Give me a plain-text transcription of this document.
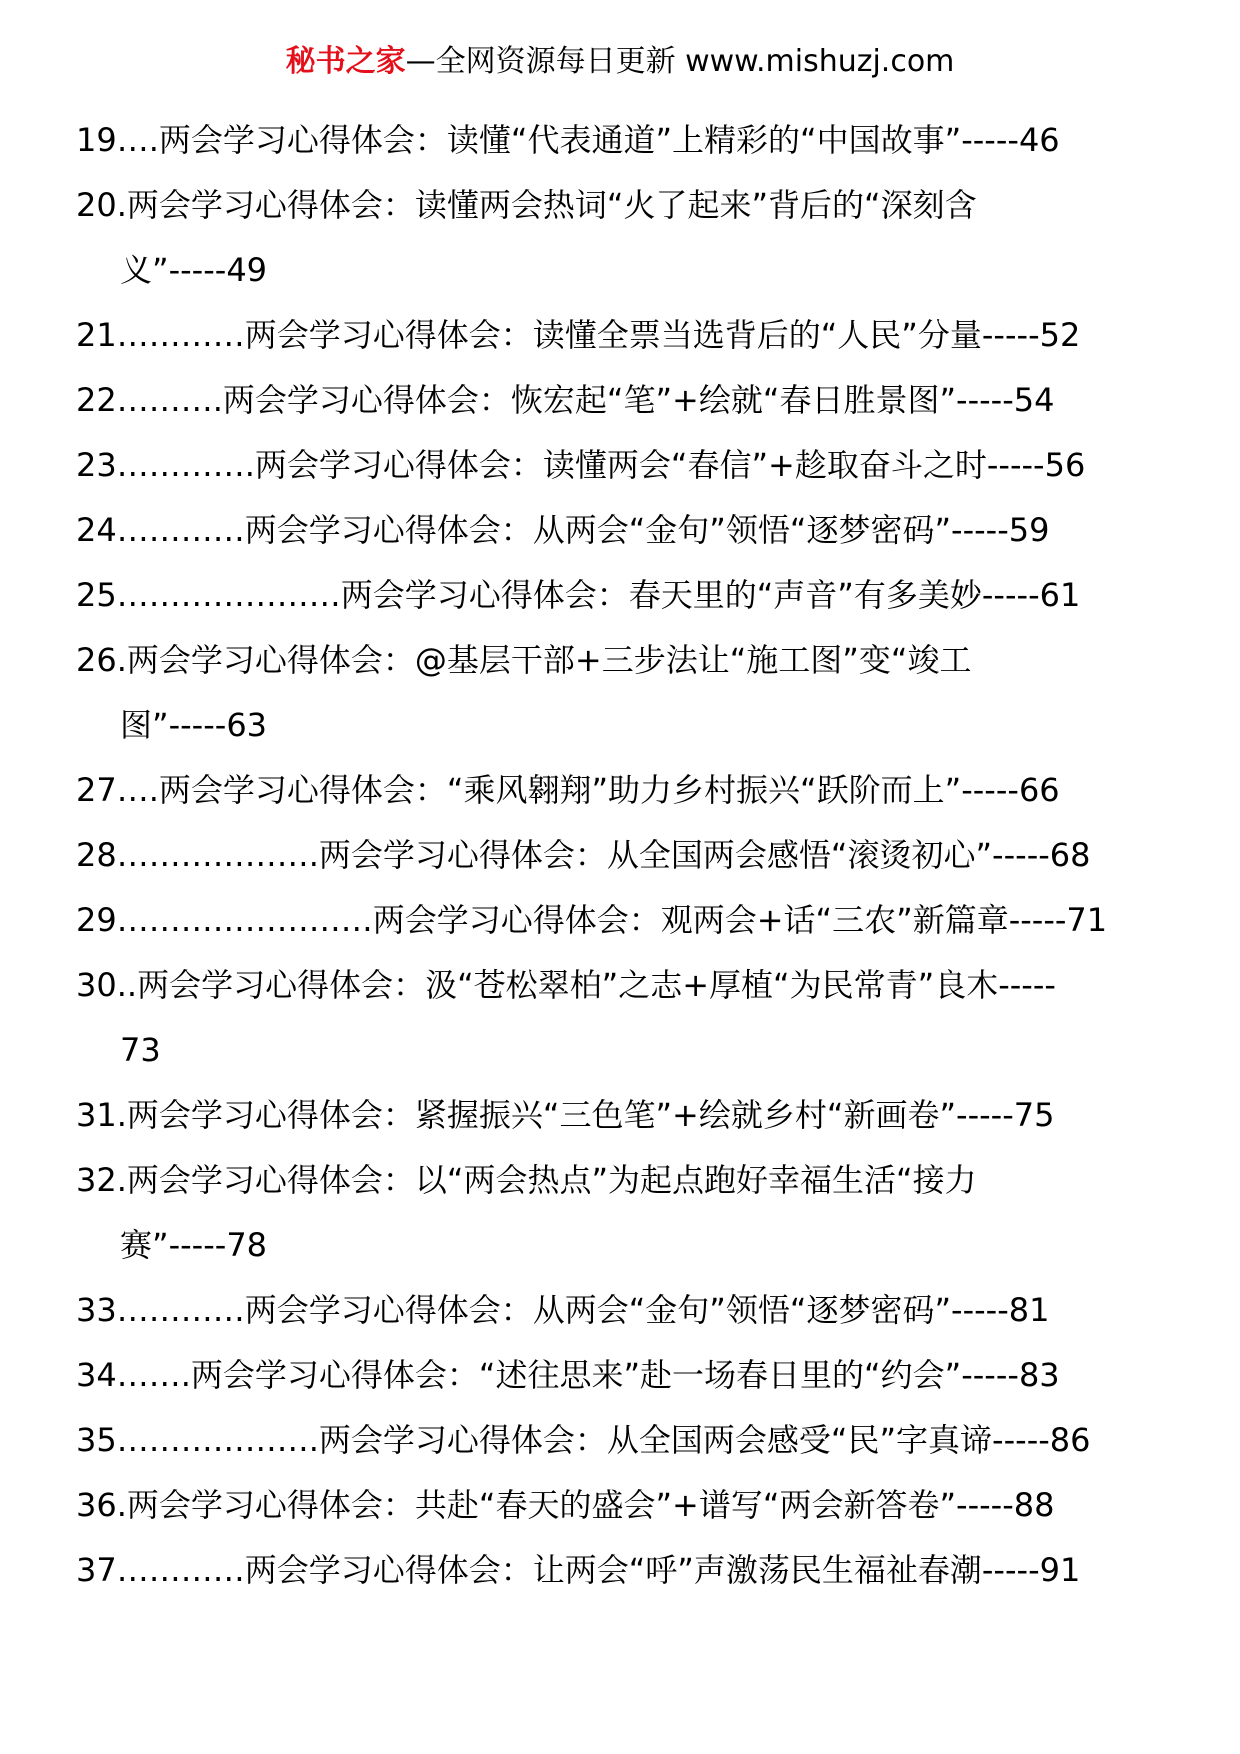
秘书之家—全网资源每日更新 www.mishuzj.com
19….两会学习心得体会：读懂“代表通道”上精彩的“中国故事”-----46
20.两会学习心得体会：读懂两会热词“火了起来”背后的“深刻含
义”-----49
21…………两会学习心得体会：读懂全票当选背后的“人民”分量-----52
22……….两会学习心得体会：恢宏起“笔”+绘就“春日胜景图”-----54
23………….两会学习心得体会：读懂两会“春信”+趁取奋斗之时-----56
24…………两会学习心得体会：从两会“金句”领悟“逐梦密码”-----59
25…………………两会学习心得体会：春天里的“声音”有多美妙-----61
26.两会学习心得体会：@基层干部+三步法让“施工图”变“竣工
图”-----63
27….两会学习心得体会：“乘风翱翔”助力乡村振兴“跃阶而上”-----66
28……………….两会学习心得体会：从全国两会感悟“滚烫初心”-----68
29……………………两会学习心得体会：观两会+话“三农”新篇章-----71
30..两会学习心得体会：汲“苍松翠柏”之志+厚植“为民常青”良木-----
73
31.两会学习心得体会：紧握振兴“三色笔”+绘就乡村“新画卷”-----75
32.两会学习心得体会：以“两会热点”为起点跑好幸福生活“接力
赛”-----78
33…………两会学习心得体会：从两会“金句”领悟“逐梦密码”-----81
34…….两会学习心得体会：“述往思来”赴一场春日里的“约会”-----83
35……………….两会学习心得体会：从全国两会感受“民”字真谛-----86
36.两会学习心得体会：共赴“春天的盛会”+谱写“两会新答卷”-----88
37…………两会学习心得体会：让两会“呼”声激荡民生福祉春潮-----91
